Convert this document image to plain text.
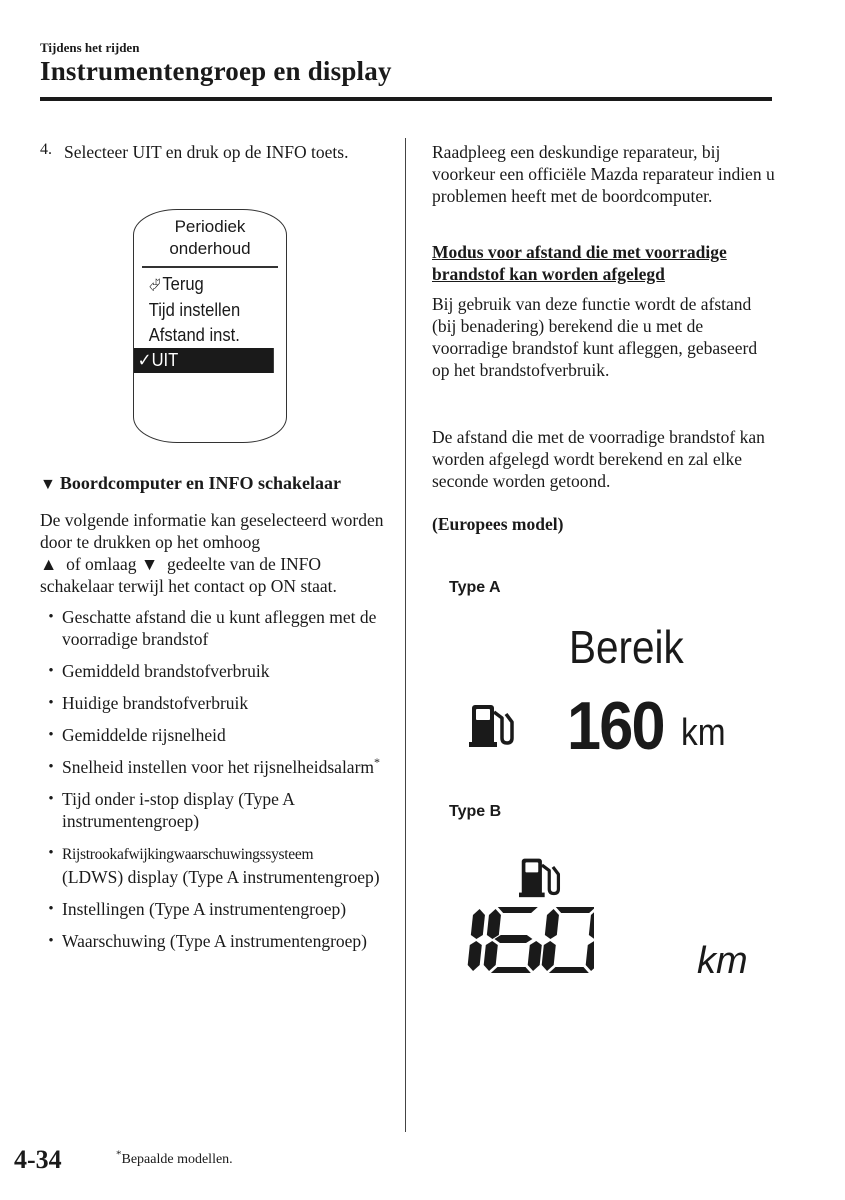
Tijdens het rijden
Instrumentengroep en display
4. Selecteer UIT en druk op de INFO toets.

Periodiek
onderhoud
⮰ Terug
Tijd instellen
Afstand inst.
✓UIT
▼ Boordcomputer en INFO schakelaar

De volgende informatie kan geselecteerd worden door te drukken op het omhoog
▲ of omlaag ▼ gedeelte van de INFO schakelaar terwijl het contact op ON staat.

• Geschatte afstand die u kunt afleggen met de voorradige brandstof
• Gemiddeld brandstofverbruik
• Huidige brandstofverbruik
• Gemiddelde rijsnelheid
• Snelheid instellen voor het rijsnelheidsalarm*
• Tijd onder i-stop display (Type A instrumentengroep)
• Rijstrookafwijkingwaarschuwingssysteem
(LDWS) display (Type A instrumentengroep)
• Instellingen (Type A instrumentengroep)
• Waarschuwing (Type A instrumentengroep)

Raadpleeg een deskundige reparateur, bij voorkeur een officiële Mazda reparateur indien u problemen heeft met de boordcomputer.

Modus voor afstand die met voorradige brandstof kan worden afgelegd

Bij gebruik van deze functie wordt de afstand (bij benadering) berekend die u met de voorradige brandstof kunt afleggen, gebaseerd op het brandstofverbruik.

De afstand die met de voorradige brandstof kan worden afgelegd wordt berekend en zal elke seconde worden getoond.

(Europees model)
Type A
Bereik
160 km
Type B
km
4-34	*Bepaalde modellen.
